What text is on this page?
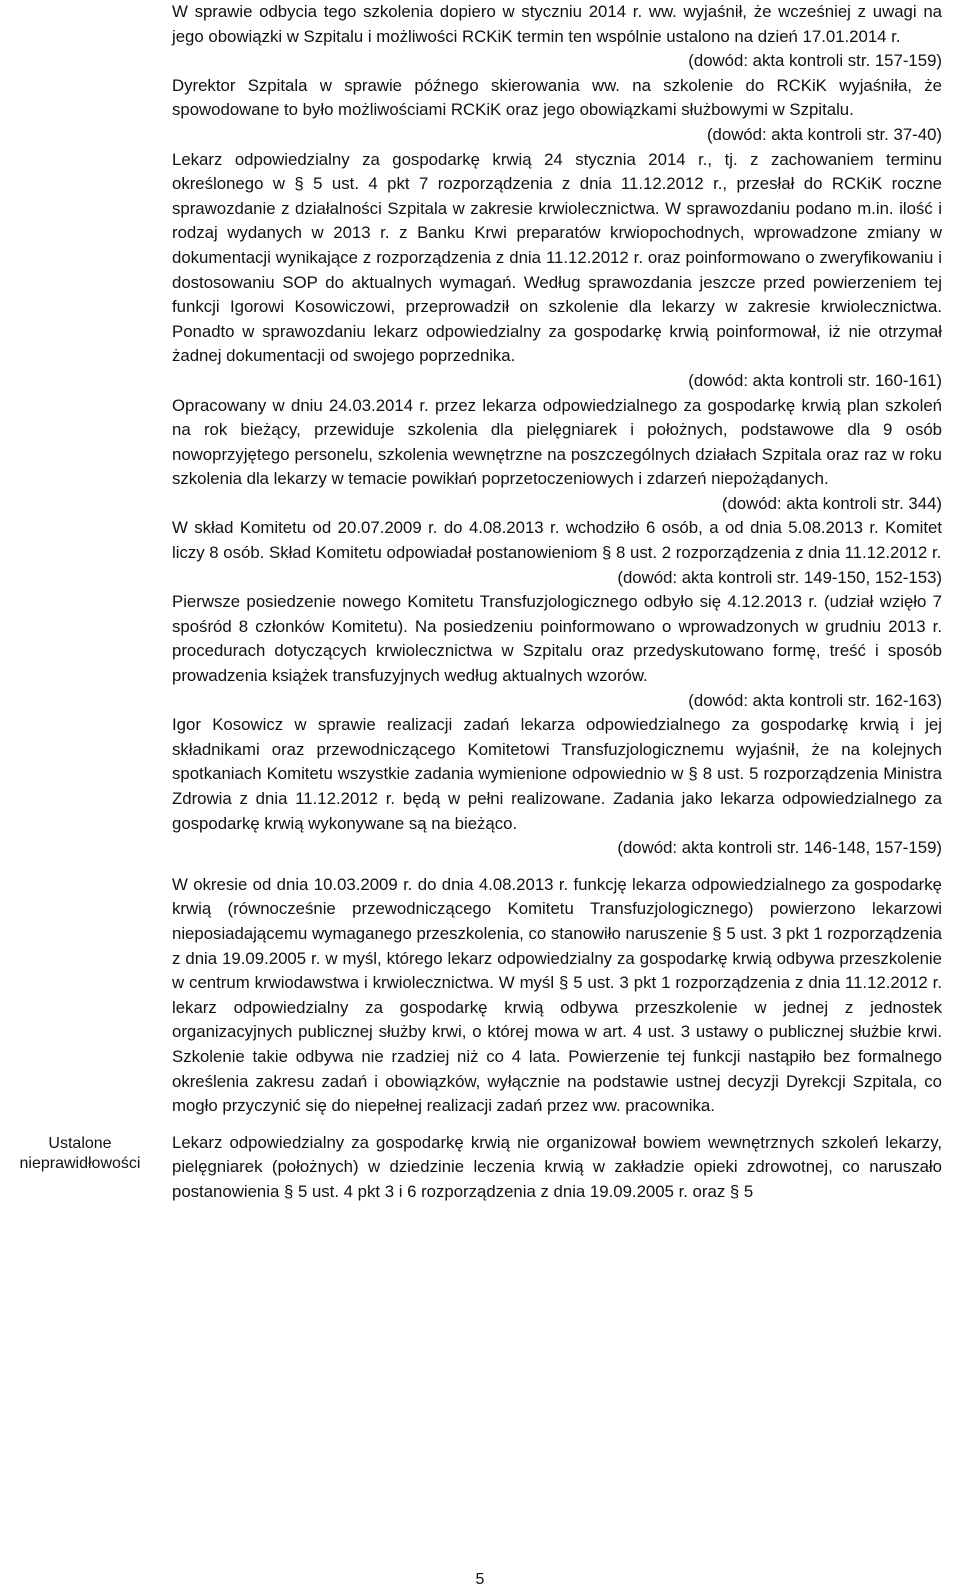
Ustalone
nieprawidłowości

W sprawie odbycia tego szkolenia dopiero w styczniu 2014 r. ww. wyjaśnił, że wcześniej z uwagi na jego obowiązki w Szpitalu i możliwości RCKiK termin ten wspólnie ustalono na dzień 17.01.2014 r.

(dowód: akta kontroli str. 157-159)

Dyrektor Szpitala w sprawie późnego skierowania ww. na szkolenie do RCKiK wyjaśniła, że spowodowane to było możliwościami RCKiK oraz jego obowiązkami służbowymi w Szpitalu.

(dowód: akta kontroli str. 37-40)

Lekarz odpowiedzialny za gospodarkę krwią 24 stycznia 2014 r., tj. z zachowaniem terminu określonego w § 5 ust. 4 pkt 7 rozporządzenia z dnia 11.12.2012 r., przesłał do RCKiK roczne sprawozdanie z działalności Szpitala w zakresie krwiolecznictwa. W sprawozdaniu podano m.in. ilość i rodzaj wydanych w 2013 r. z Banku Krwi preparatów krwiopochodnych, wprowadzone zmiany w dokumentacji wynikające z rozporządzenia z dnia 11.12.2012 r. oraz poinformowano o zweryfikowaniu i dostosowaniu SOP do aktualnych wymagań. Według sprawozdania jeszcze przed powierzeniem tej funkcji Igorowi Kosowiczowi, przeprowadził on szkolenie dla lekarzy w zakresie krwiolecznictwa. Ponadto w sprawozdaniu lekarz odpowiedzialny za gospodarkę krwią poinformował, iż nie otrzymał żadnej dokumentacji od swojego poprzednika.

(dowód: akta kontroli str. 160-161)

Opracowany w dniu 24.03.2014 r. przez lekarza odpowiedzialnego za gospodarkę krwią plan szkoleń na rok bieżący, przewiduje szkolenia dla pielęgniarek i położnych, podstawowe dla 9 osób nowoprzyjętego personelu, szkolenia wewnętrzne na poszczególnych działach Szpitala oraz raz w roku szkolenia dla lekarzy w temacie powikłań poprzetoczeniowych i zdarzeń niepożądanych.

(dowód: akta kontroli str. 344)

W skład Komitetu od 20.07.2009 r. do 4.08.2013 r. wchodziło 6 osób, a od dnia 5.08.2013 r. Komitet liczy 8 osób. Skład Komitetu odpowiadał postanowieniom § 8 ust. 2 rozporządzenia z dnia 11.12.2012 r.

(dowód: akta kontroli str. 149-150, 152-153)

Pierwsze posiedzenie nowego Komitetu Transfuzjologicznego odbyło się 4.12.2013 r. (udział wzięło 7 spośród 8 członków Komitetu). Na posiedzeniu poinformowano o wprowadzonych w grudniu 2013 r. procedurach dotyczących krwiolecznictwa w Szpitalu oraz przedyskutowano formę, treść i sposób prowadzenia książek transfuzyjnych według aktualnych wzorów.

(dowód: akta kontroli str. 162-163)

Igor Kosowicz w sprawie realizacji zadań lekarza odpowiedzialnego za gospodarkę krwią i jej składnikami oraz przewodniczącego Komitetowi Transfuzjologicznemu wyjaśnił, że na kolejnych spotkaniach Komitetu wszystkie zadania wymienione odpowiednio w § 8 ust. 5 rozporządzenia Ministra Zdrowia z dnia 11.12.2012 r. będą w pełni realizowane. Zadania jako lekarza odpowiedzialnego za gospodarkę krwią wykonywane są na bieżąco.

(dowód: akta kontroli str. 146-148, 157-159)

W okresie od dnia 10.03.2009 r. do dnia 4.08.2013 r. funkcję lekarza odpowiedzialnego za gospodarkę krwią (równocześnie przewodniczącego Komitetu Transfuzjologicznego) powierzono lekarzowi nieposiadającemu wymaganego przeszkolenia, co stanowiło naruszenie § 5 ust. 3 pkt 1 rozporządzenia z dnia 19.09.2005 r. w myśl, którego lekarz odpowiedzialny za gospodarkę krwią odbywa przeszkolenie w centrum krwiodawstwa i krwiolecznictwa. W myśl § 5 ust. 3 pkt 1 rozporządzenia z dnia 11.12.2012 r. lekarz odpowiedzialny za gospodarkę krwią odbywa przeszkolenie w jednej z jednostek organizacyjnych publicznej służby krwi, o której mowa w art. 4 ust. 3 ustawy o publicznej służbie krwi. Szkolenie takie odbywa nie rzadziej niż co 4 lata. Powierzenie tej funkcji nastąpiło bez formalnego określenia zakresu zadań i obowiązków, wyłącznie na podstawie ustnej decyzji Dyrekcji Szpitala, co mogło przyczynić się do niepełnej realizacji zadań przez ww. pracownika.

Lekarz odpowiedzialny za gospodarkę krwią nie organizował bowiem wewnętrznych szkoleń lekarzy, pielęgniarek (położnych) w dziedzinie leczenia krwią w zakładzie opieki zdrowotnej, co naruszało postanowienia § 5 ust. 4 pkt 3 i 6 rozporządzenia z dnia 19.09.2005 r. oraz § 5

5
